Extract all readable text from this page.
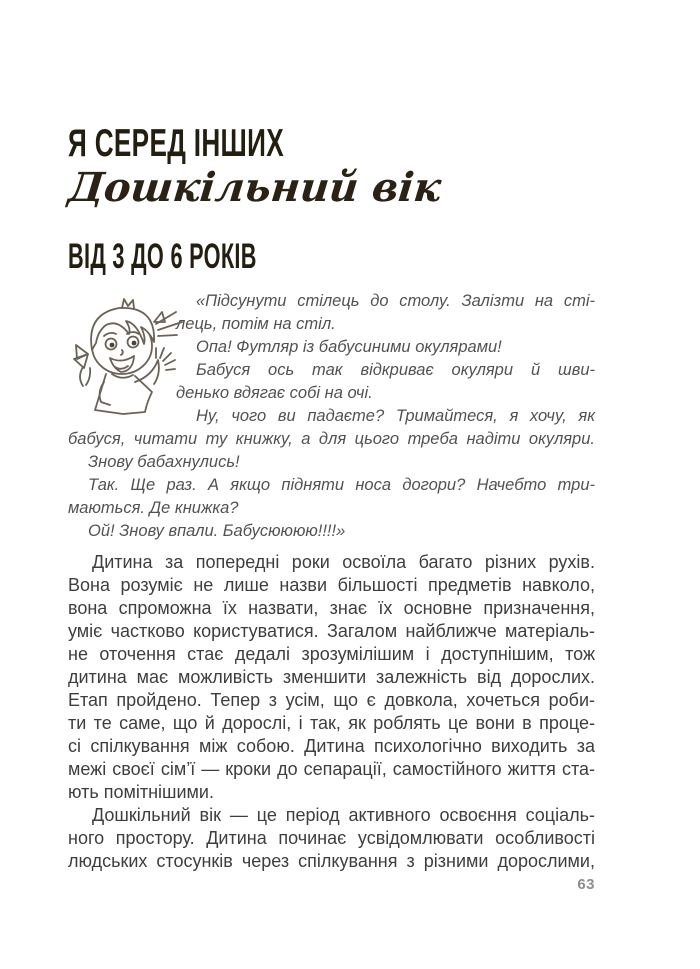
Я СЕРЕД ІНШИХ
Дошкільний вік
ВІД 3 ДО 6 РОКІВ
«Підсунути стілець до столу. Залізти на сті-
лець, потім на стіл.
Опа! Футляр із бабусиними окулярами!
Бабуся ось так відкриває окуляри й шви-
денько вдягає собі на очі.
Ну, чого ви падаєте? Тримайтеся, я хочу, як
бабуся, читати ту книжку, а для цього треба надіти окуляри.
Знову бабахнулись!
Так. Ще раз. А якщо підняти носа догори? Начебто три-
маються. Де книжка?
Ой! Знову впали. Бабусюююю!!!!»
Дитина за попередні роки освоїла багато різних рухів.
Вона розуміє не лише назви більшості предметів навколо,
вона спроможна їх назвати, знає їх основне призначення,
уміє частково користуватися. Загалом найближче матеріаль-
не оточення стає дедалі зрозумілішим і доступнішим, тож
дитина має можливість зменшити залежність від дорослих.
Етап пройдено. Тепер з усім, що є довкола, хочеться роби-
ти те саме, що й дорослі, і так, як роблять це вони в проце-
сі спілкування між собою. Дитина психологічно виходить за
межі своєї сім’ї — кроки до сепарації, самостійного життя ста-
ють помітнішими.
Дошкільний вік — це період активного освоєння соціаль-
ного простору. Дитина починає усвідомлювати особливості
людських стосунків через спілкування з різними дорослими,
63
